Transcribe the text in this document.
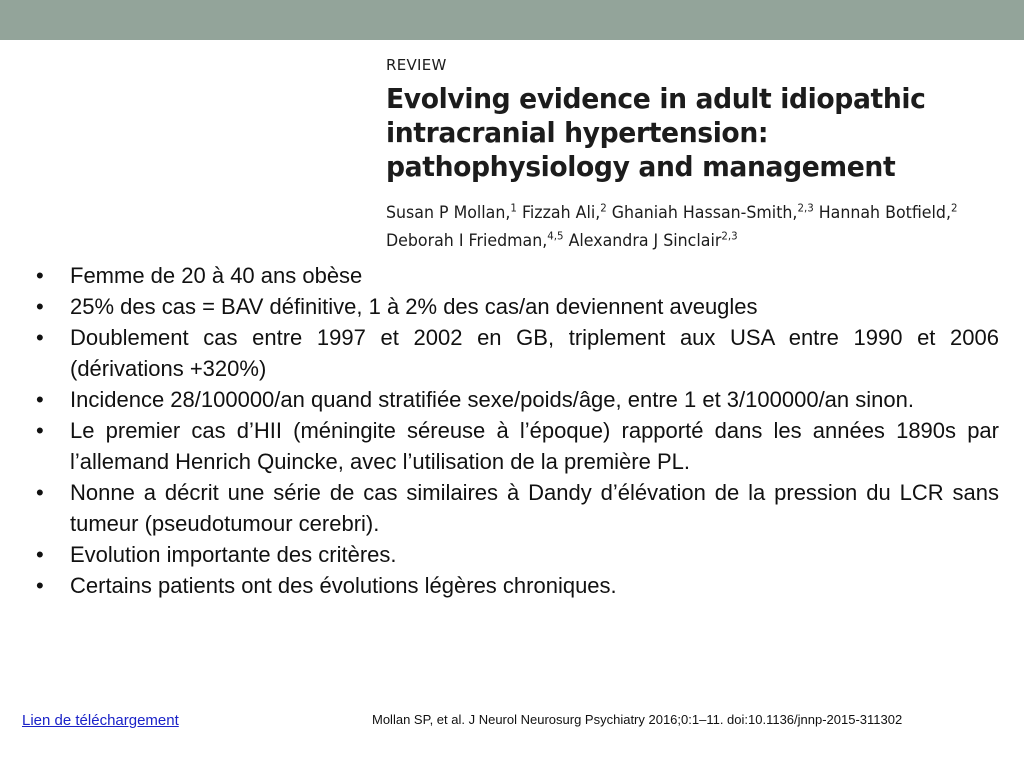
REVIEW
Evolving evidence in adult idiopathic intracranial hypertension: pathophysiology and management
Susan P Mollan,$^1$ Fizzah Ali,$^2$ Ghaniah Hassan-Smith,$^{2,3}$ Hannah Botfield,$^2$
Deborah I Friedman,$^{4,5}$ Alexandra J Sinclair$^{2,3}$
• Femme de 20 à 40 ans obèse
• 25% des cas = BAV définitive, 1 à 2% des cas/an deviennent aveugles
• Doublement cas entre 1997 et 2002 en GB, triplement aux USA entre 1990 et 2006 (dérivations +320%)
• Incidence 28/100000/an quand stratifiée sexe/poids/âge, entre 1 et 3/100000/an sinon.
• Le premier cas d’HII (méningite séreuse à l’époque) rapporté dans les années 1890s par l’allemand Henrich Quincke, avec l’utilisation de la première PL.
• Nonne a décrit une série de cas similaires à Dandy d’élévation de la pression du LCR sans tumeur (pseudotumour cerebri).
• Evolution importante des critères.
• Certains patients ont des évolutions légères chroniques.
Lien de téléchargement	Mollan SP, et al. J Neurol Neurosurg Psychiatry 2016;0:1–11. doi:10.1136/jnnp-2015-311302
